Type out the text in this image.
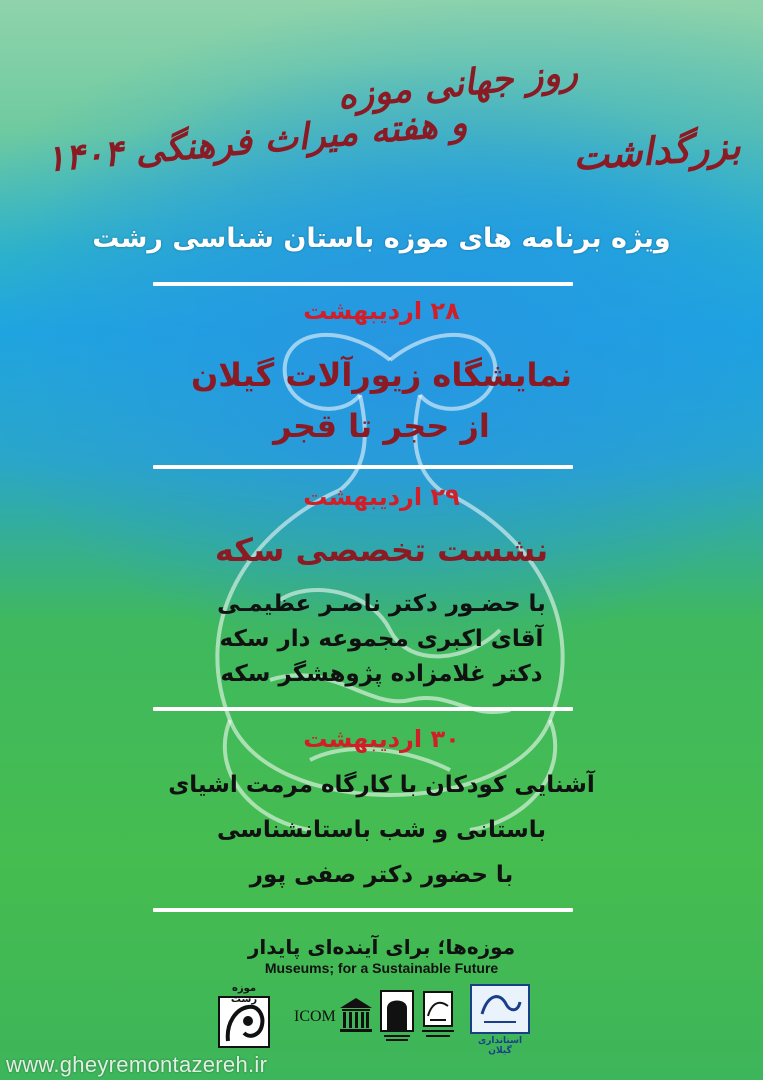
بزرگداشت
روز جهانی موزه
و هفته میراث فرهنگی ۱۴۰۴
ویژه برنامه های موزه باستان شناسی رشت
۲۸ اردیبهشت
نمایشگاه زیورآلات گیلان
از حجر تا قجر
۲۹ اردیبهشت
نشست تخصصی سکه
با حضـور دکتر ناصـر عظیمـی
آقای اکبری مجموعه دار سکه
دکتر غلامزاده پژوهشگر سکه
۳۰ اردیبهشت
آشنایی کودکان با کارگاه مرمت اشیای
باستانی و شب باستانشناسی
با حضور دکتر صفی پور
موزه‌ها؛ برای آینده‌ای پایدار
Museums; for a Sustainable Future
موزه رشت
ICOM
استانداری گیلان
www.gheyremontazereh.ir
